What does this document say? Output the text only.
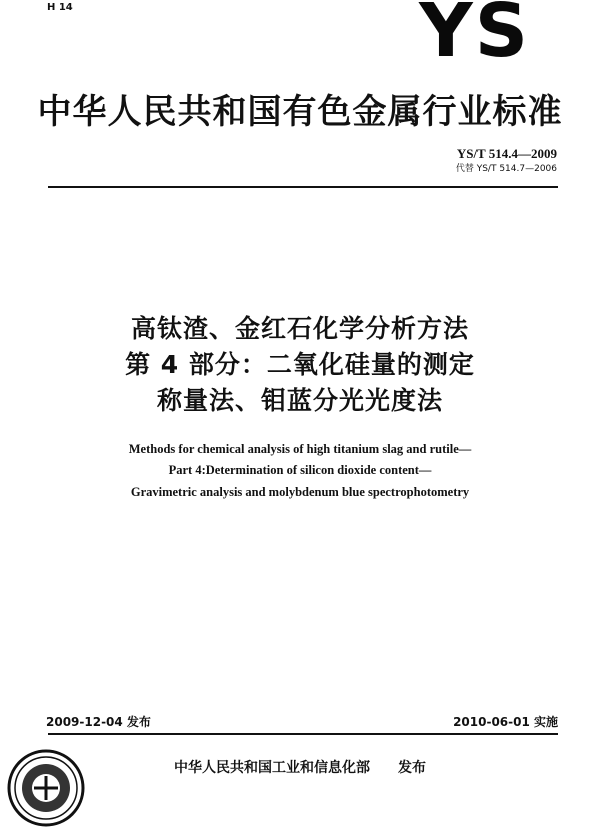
H 14	YS
中华人民共和国有色金属行业标准
YS/T 514.4—2009
代替 YS/T 514.7—2006
高钛渣、金红石化学分析方法
第 4 部分：二氧化硅量的测定
称量法、钼蓝分光光度法
Methods for chemical analysis of high titanium slag and rutile—
Part 4:Determination of silicon dioxide content—
Gravimetric analysis and molybdenum blue spectrophotometry
2009-12-04 发布	2010-06-01 实施
中华人民共和国工业和信息化部 发布
